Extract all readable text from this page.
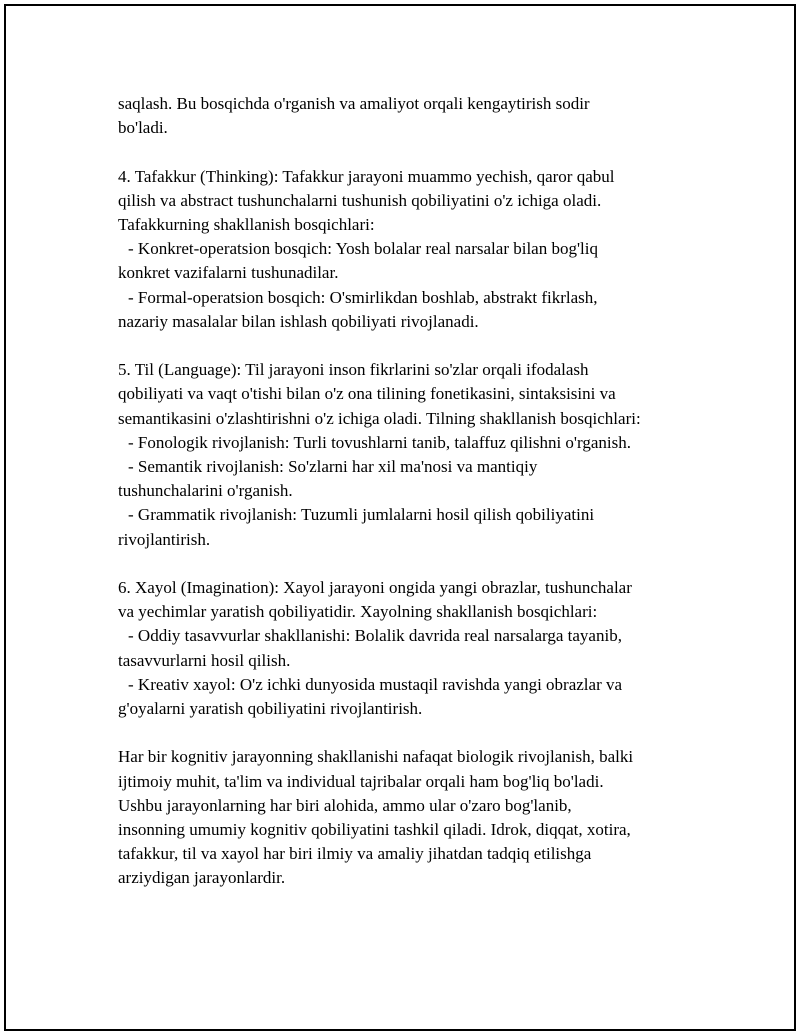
saqlash. Bu bosqichda o'rganish va amaliyot orqali kengaytirish sodir
bo'ladi.
4. Tafakkur (Thinking): Tafakkur jarayoni muammo yechish, qaror qabul
qilish va abstract tushunchalarni tushunish qobiliyatini o'z ichiga oladi.
Tafakkurning shakllanish bosqichlari:
- Konkret-operatsion bosqich: Yosh bolalar real narsalar bilan bog'liq
konkret vazifalarni tushunadilar.
- Formal-operatsion bosqich: O'smirlikdan boshlab, abstrakt fikrlash,
nazariy masalalar bilan ishlash qobiliyati rivojlanadi.
5. Til (Language): Til jarayoni inson fikrlarini so'zlar orqali ifodalash
qobiliyati va vaqt o'tishi bilan o'z ona tilining fonetikasini, sintaksisini va
semantikasini o'zlashtirishni o'z ichiga oladi. Tilning shakllanish bosqichlari:
- Fonologik rivojlanish: Turli tovushlarni tanib, talaffuz qilishni o'rganish.
- Semantik rivojlanish: So'zlarni har xil ma'nosi va mantiqiy
tushunchalarini o'rganish.
- Grammatik rivojlanish: Tuzumli jumlalarni hosil qilish qobiliyatini
rivojlantirish.
6. Xayol (Imagination): Xayol jarayoni ongida yangi obrazlar, tushunchalar
va yechimlar yaratish qobiliyatidir. Xayolning shakllanish bosqichlari:
- Oddiy tasavvurlar shakllanishi: Bolalik davrida real narsalarga tayanib,
tasavvurlarni hosil qilish.
- Kreativ xayol: O'z ichki dunyosida mustaqil ravishda yangi obrazlar va
g'oyalarni yaratish qobiliyatini rivojlantirish.
Har bir kognitiv jarayonning shakllanishi nafaqat biologik rivojlanish, balki
ijtimoiy muhit, ta'lim va individual tajribalar orqali ham bog'liq bo'ladi.
Ushbu jarayonlarning har biri alohida, ammo ular o'zaro bog'lanib,
insonning umumiy kognitiv qobiliyatini tashkil qiladi. Idrok, diqqat, xotira,
tafakkur, til va xayol har biri ilmiy va amaliy jihatdan tadqiq etilishga
arziydigan jarayonlardir.
